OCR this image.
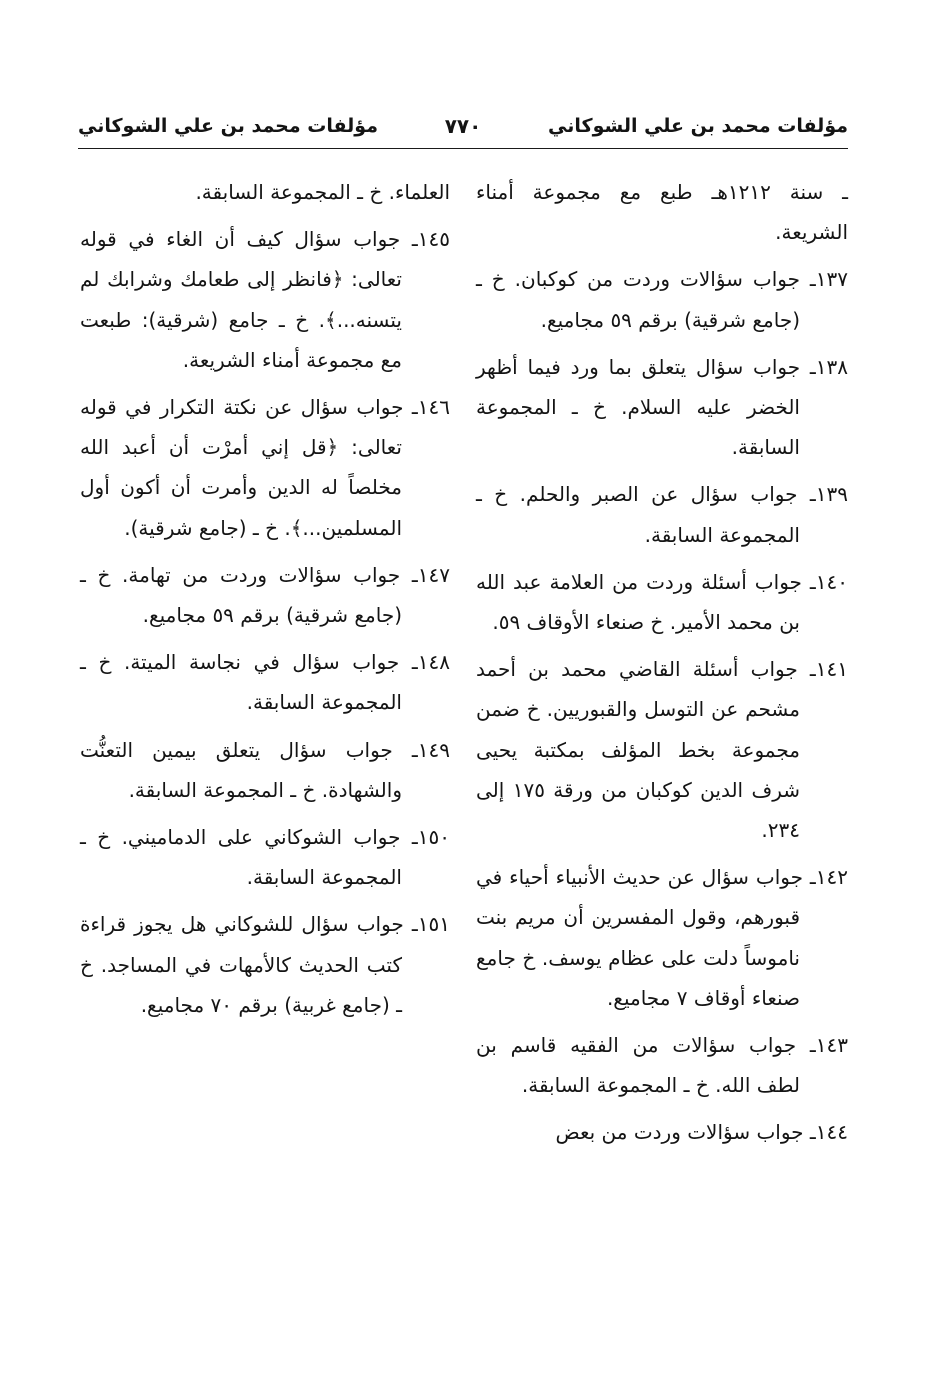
مؤلفات محمد بن علي الشوكاني
٧٧٠
مؤلفات محمد بن علي الشوكاني

ـ سنة ١٢١٢هـ طبع مع مجموعة أمناء الشريعة.

١٣٧ـ جواب سؤالات وردت من كوكبان. خ ـ (جامع شرقية) برقم ٥٩ مجاميع.

١٣٨ـ جواب سؤال يتعلق بما ورد فيما أظهر الخضر عليه السلام. خ ـ المجموعة السابقة.

١٣٩ـ جواب سؤال عن الصبر والحلم. خ ـ المجموعة السابقة.

١٤٠ـ جواب أسئلة وردت من العلامة عبد الله بن محمد الأمير. خ صنعاء الأوقاف ٥٩.

١٤١ـ جواب أسئلة القاضي محمد بن أحمد مشحم عن التوسل والقبوريين. خ ضمن مجموعة بخط المؤلف بمكتبة يحيى شرف الدين كوكبان من ورقة ١٧٥ إلى ٢٣٤.

١٤٢ـ جواب سؤال عن حديث الأنبياء أحياء في قبورهم، وقول المفسرين أن مريم بنت ناموساً دلت على عظام يوسف. خ جامع صنعاء أوقاف ٧ مجاميع.

١٤٣ـ جواب سؤالات من الفقيه قاسم بن لطف الله. خ ـ المجموعة السابقة.

١٤٤ـ جواب سؤالات وردت من بعض

العلماء. خ ـ المجموعة السابقة.

١٤٥ـ جواب سؤال كيف أن الغاء في قوله تعالى: ﴿فانظر إلى طعامك وشرابك لم يتسنه...﴾. خ ـ جامع (شرقية): طبعت مع مجموعة أمناء الشريعة.

١٤٦ـ جواب سؤال عن نكتة التكرار في قوله تعالى: ﴿قل إني أمرْت أن أعبد الله مخلصاً له الدين وأمرت أن أكون أول المسلمين...﴾. خ ـ (جامع شرقية).

١٤٧ـ جواب سؤالات وردت من تهامة. خ ـ (جامع شرقية) برقم ٥٩ مجاميع.

١٤٨ـ جواب سؤال في نجاسة الميتة. خ ـ المجموعة السابقة.

١٤٩ـ جواب سؤال يتعلق بيمين التعنُّت والشهادة. خ ـ المجموعة السابقة.

١٥٠ـ جواب الشوكاني على الدماميني. خ ـ المجموعة السابقة.

١٥١ـ جواب سؤال للشوكاني هل يجوز قراءة كتب الحديث كالأمهات في المساجد. خ ـ (جامع غربية) برقم ٧٠ مجاميع.
